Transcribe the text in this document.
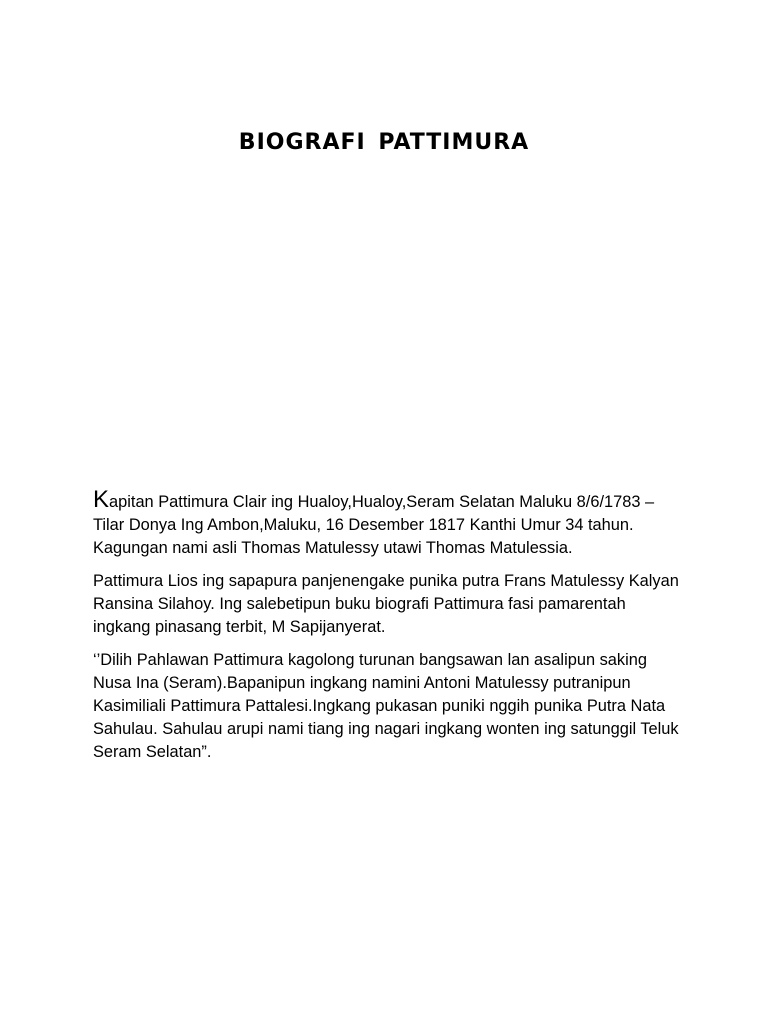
BIOGRAFI PATTIMURA

Kapitan Pattimura Clair ing Hualoy,Hualoy,Seram Selatan Maluku 8/6/1783 – Tilar Donya Ing Ambon,Maluku, 16 Desember 1817 Kanthi Umur 34 tahun. Kagungan nami asli Thomas Matulessy utawi Thomas Matulessia.

Pattimura Lios ing sapapura panjenengake punika putra Frans Matulessy Kalyan Ransina Silahoy. Ing salebetipun buku biografi Pattimura fasi pamarentah ingkang pinasang terbit, M Sapijanyerat.

‘’Dilih Pahlawan Pattimura kagolong turunan bangsawan lan asalipun saking Nusa Ina (Seram).Bapanipun ingkang namini Antoni Matulessy putranipun Kasimiliali Pattimura Pattalesi.Ingkang pukasan puniki nggih punika Putra Nata Sahulau. Sahulau arupi nami tiang ing nagari ingkang wonten ing satunggil Teluk Seram Selatan”.
